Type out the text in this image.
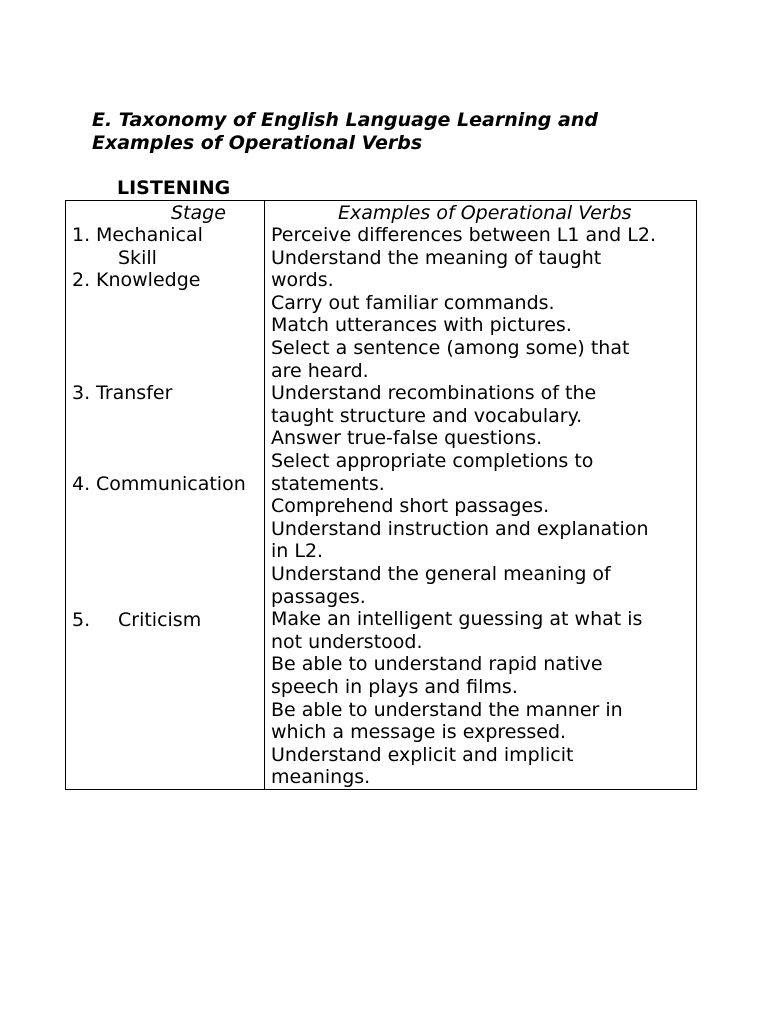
E. Taxonomy of English Language Learning and
Examples of Operational Verbs
LISTENING
Stage
1. Mechanical
Skill
2. Knowledge
3. Transfer
4. Communication
5. Criticism
Examples of Operational Verbs
Perceive differences between L1 and L2.
Understand the meaning of taught
words.
Carry out familiar commands.
Match utterances with pictures.
Select a sentence (among some) that
are heard.
Understand recombinations of the
taught structure and vocabulary.
Answer true-false questions.
Select appropriate completions to
statements.
Comprehend short passages.
Understand instruction and explanation
in L2.
Understand the general meaning of
passages.
Make an intelligent guessing at what is
not understood.
Be able to understand rapid native
speech in plays and films.
Be able to understand the manner in
which a message is expressed.
Understand explicit and implicit
meanings.
